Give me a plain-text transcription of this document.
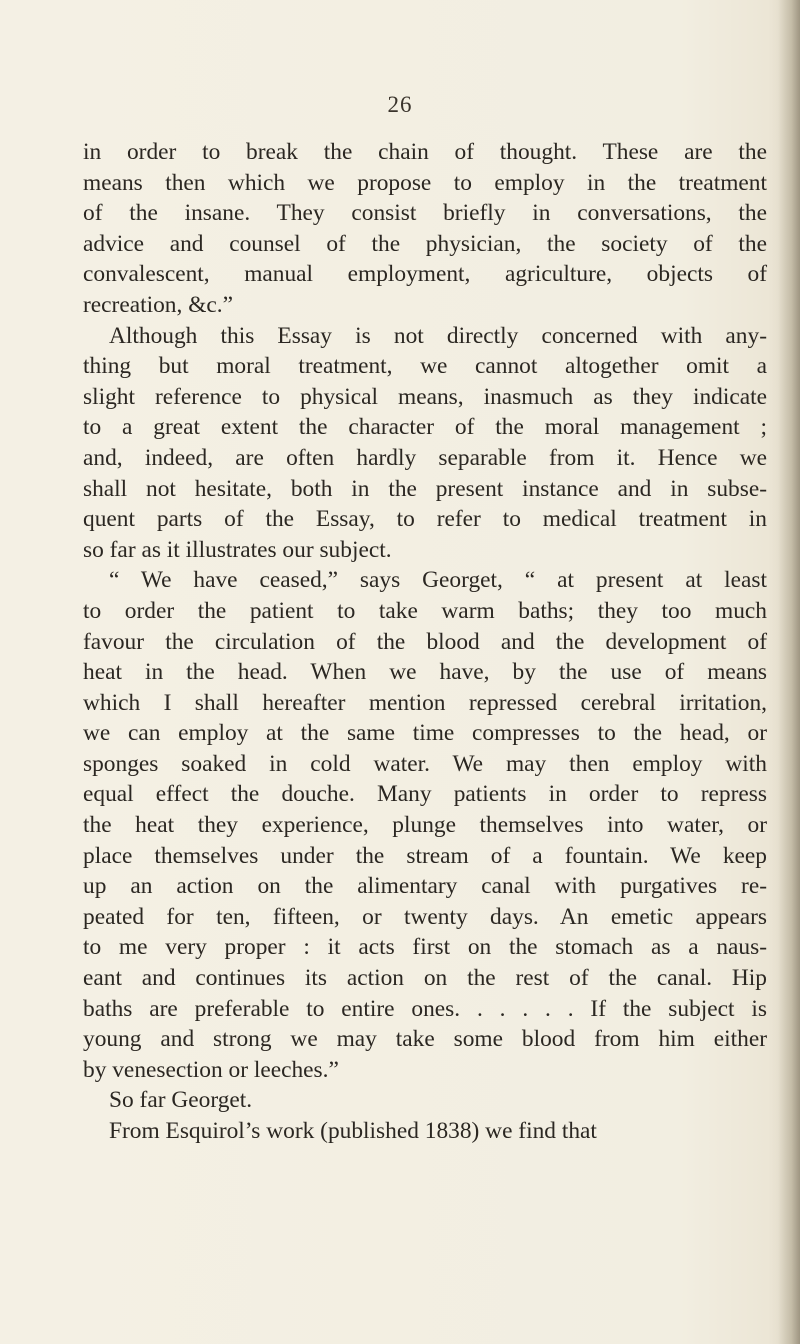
26
in order to break the chain of thought. These are the
means then which we propose to employ in the treatment
of the insane. They consist briefly in conversations, the
advice and counsel of the physician, the society of the
convalescent, manual employment, agriculture, objects of
recreation, &c.”
Although this Essay is not directly concerned with any-
thing but moral treatment, we cannot altogether omit a
slight reference to physical means, inasmuch as they indicate
to a great extent the character of the moral management ;
and, indeed, are often hardly separable from it. Hence we
shall not hesitate, both in the present instance and in subse-
quent parts of the Essay, to refer to medical treatment in
so far as it illustrates our subject.
“ We have ceased,” says Georget, “ at present at least
to order the patient to take warm baths; they too much
favour the circulation of the blood and the development of
heat in the head. When we have, by the use of means
which I shall hereafter mention repressed cerebral irritation,
we can employ at the same time compresses to the head, or
sponges soaked in cold water. We may then employ with
equal effect the douche. Many patients in order to repress
the heat they experience, plunge themselves into water, or
place themselves under the stream of a fountain. We keep
up an action on the alimentary canal with purgatives re-
peated for ten, fifteen, or twenty days. An emetic appears
to me very proper : it acts first on the stomach as a naus-
eant and continues its action on the rest of the canal. Hip
baths are preferable to entire ones. . . . . . If the subject is
young and strong we may take some blood from him either
by venesection or leeches.”
So far Georget.
From Esquirol’s work (published 1838) we find that
